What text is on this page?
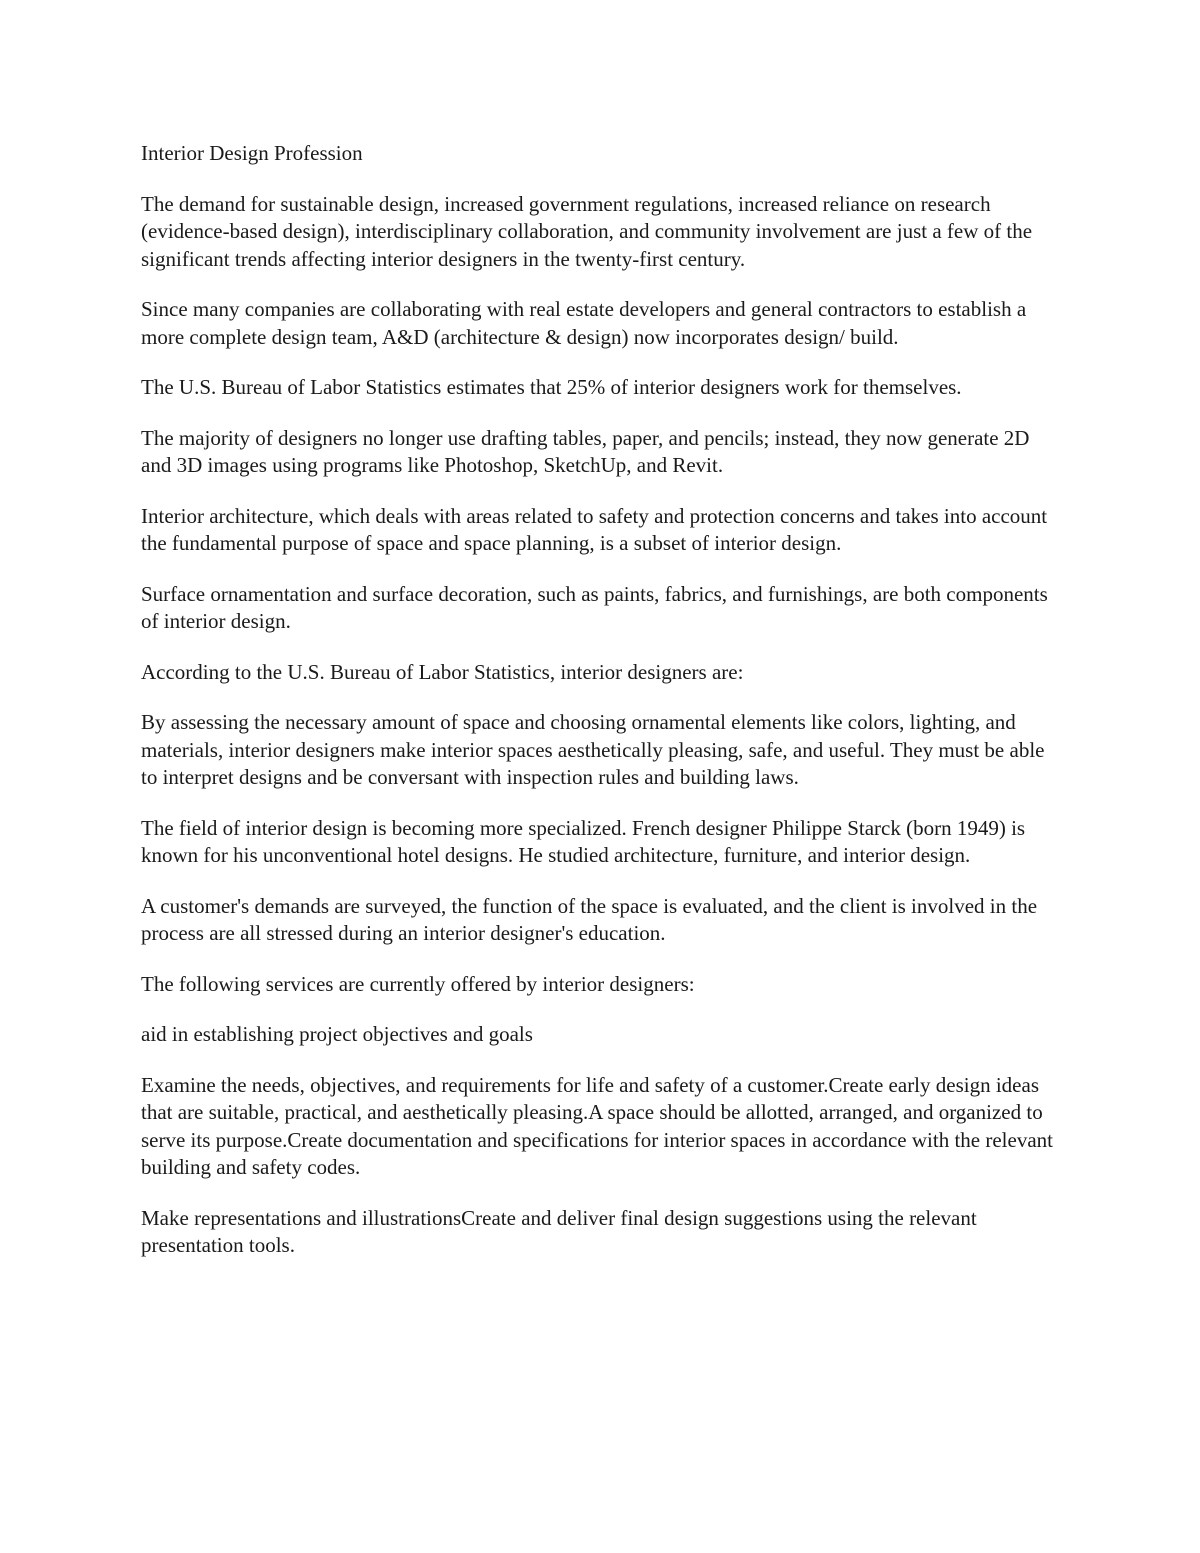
Interior Design Profession

The demand for sustainable design, increased government regulations, increased reliance on research (evidence-based design), interdisciplinary collaboration, and community involvement are just a few of the significant trends affecting interior designers in the twenty-first century.

Since many companies are collaborating with real estate developers and general contractors to establish a more complete design team, A&D (architecture & design) now incorporates design/ build.

The U.S. Bureau of Labor Statistics estimates that 25% of interior designers work for themselves.

The majority of designers no longer use drafting tables, paper, and pencils; instead, they now generate 2D and 3D images using programs like Photoshop, SketchUp, and Revit.

Interior architecture, which deals with areas related to safety and protection concerns and takes into account the fundamental purpose of space and space planning, is a subset of interior design.

Surface ornamentation and surface decoration, such as paints, fabrics, and furnishings, are both components of interior design.

According to the U.S. Bureau of Labor Statistics, interior designers are:

By assessing the necessary amount of space and choosing ornamental elements like colors, lighting, and materials, interior designers make interior spaces aesthetically pleasing, safe, and useful. They must be able to interpret designs and be conversant with inspection rules and building laws.

The field of interior design is becoming more specialized. French designer Philippe Starck (born 1949) is known for his unconventional hotel designs. He studied architecture, furniture, and interior design.

A customer's demands are surveyed, the function of the space is evaluated, and the client is involved in the process are all stressed during an interior designer's education.

The following services are currently offered by interior designers:

aid in establishing project objectives and goals

Examine the needs, objectives, and requirements for life and safety of a customer.Create early design ideas that are suitable, practical, and aesthetically pleasing.A space should be allotted, arranged, and organized to serve its purpose.Create documentation and specifications for interior spaces in accordance with the relevant building and safety codes.

Make representations and illustrationsCreate and deliver final design suggestions using the relevant presentation tools.
